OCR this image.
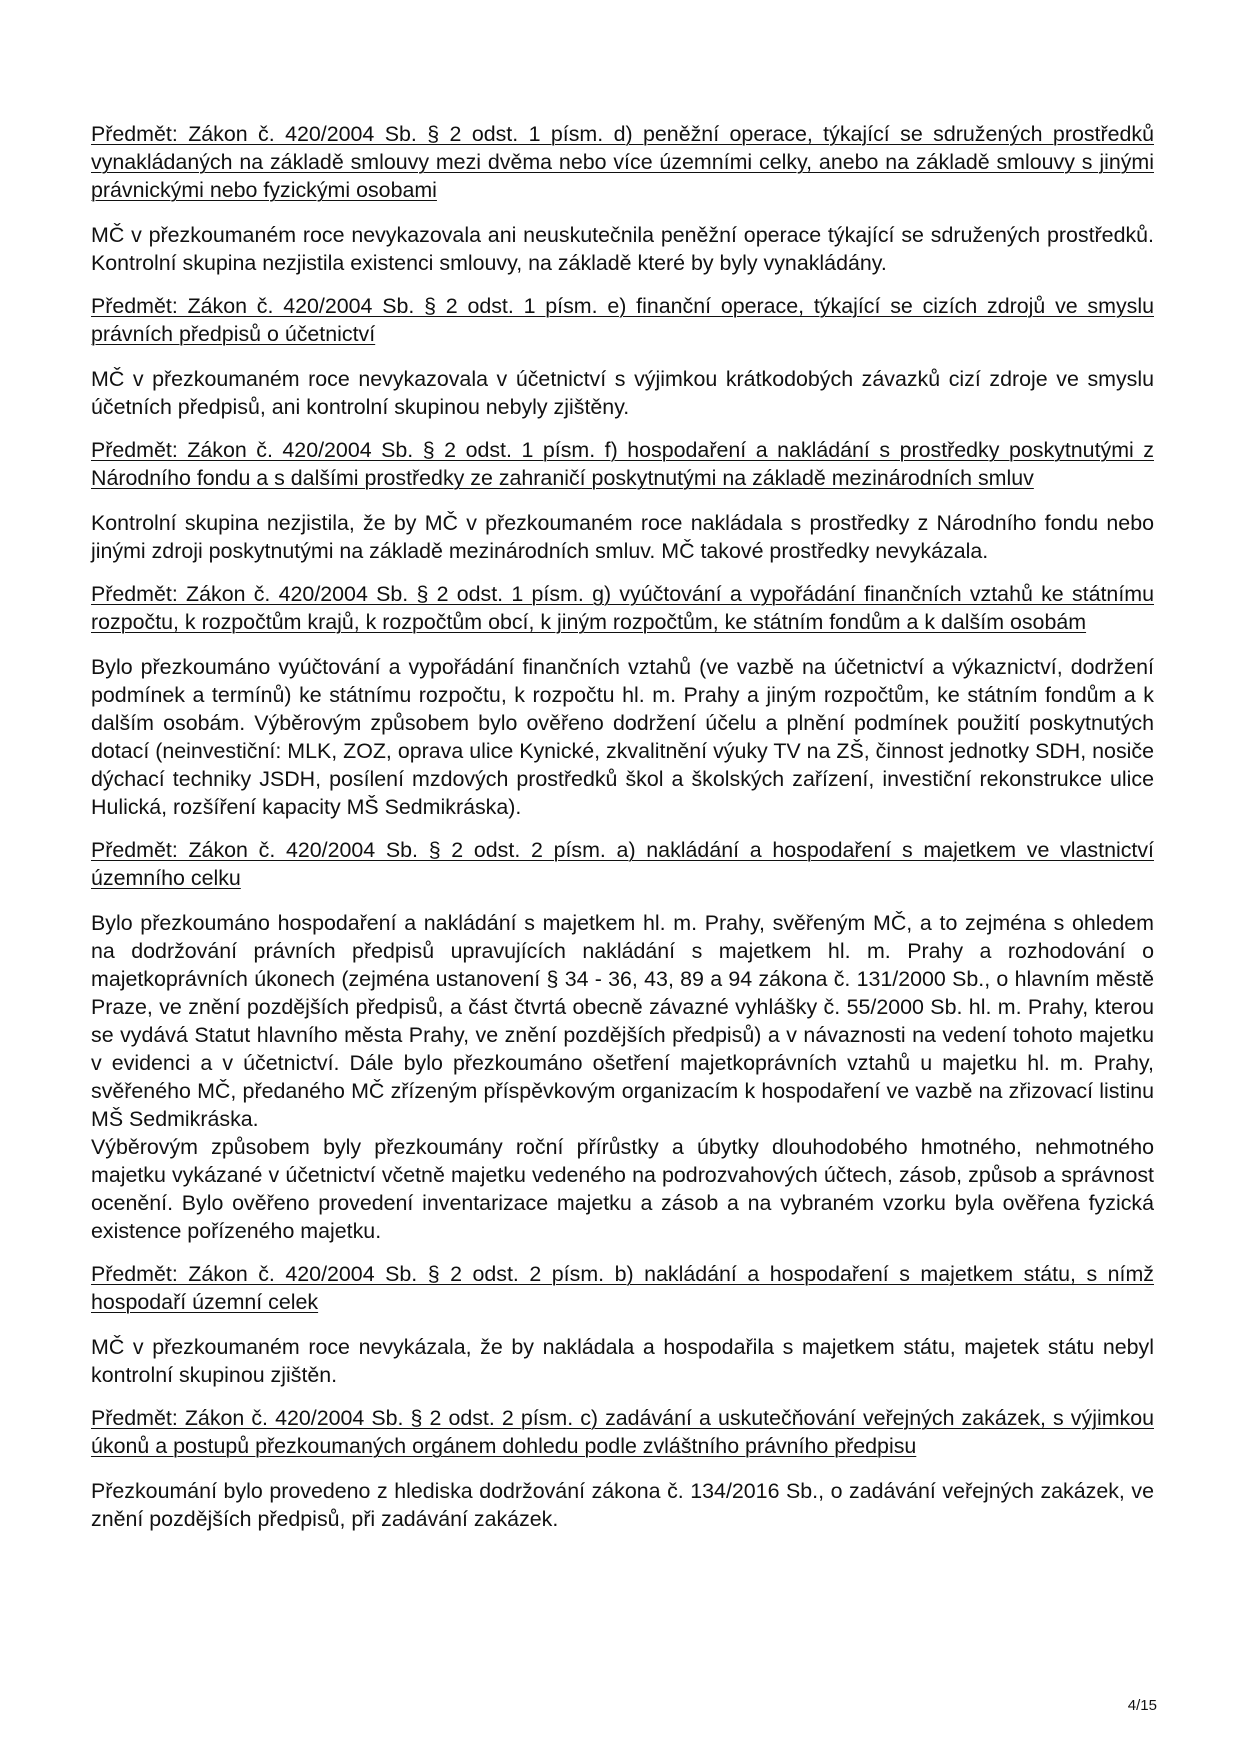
Předmět: Zákon č. 420/2004 Sb. § 2 odst. 1 písm. d) peněžní operace, týkající se sdružených prostředků vynakládaných na základě smlouvy mezi dvěma nebo více územními celky, anebo na základě smlouvy s jinými právnickými nebo fyzickými osobami

MČ v přezkoumaném roce nevykazovala ani neuskutečnila peněžní operace týkající se sdružených prostředků. Kontrolní skupina nezjistila existenci smlouvy, na základě které by byly vynakládány.

Předmět: Zákon č. 420/2004 Sb. § 2 odst. 1 písm. e) finanční operace, týkající se cizích zdrojů ve smyslu právních předpisů o účetnictví

MČ v přezkoumaném roce nevykazovala v účetnictví s výjimkou krátkodobých závazků cizí zdroje ve smyslu účetních předpisů, ani kontrolní skupinou nebyly zjištěny.

Předmět: Zákon č. 420/2004 Sb. § 2 odst. 1 písm. f) hospodaření a nakládání s prostředky poskytnutými z Národního fondu a s dalšími prostředky ze zahraničí poskytnutými na základě mezinárodních smluv

Kontrolní skupina nezjistila, že by MČ v přezkoumaném roce nakládala s prostředky z Národního fondu nebo jinými zdroji poskytnutými na základě mezinárodních smluv. MČ takové prostředky nevykázala.

Předmět: Zákon č. 420/2004 Sb. § 2 odst. 1 písm. g) vyúčtování a vypořádání finančních vztahů ke státnímu rozpočtu, k rozpočtům krajů, k rozpočtům obcí, k jiným rozpočtům, ke státním fondům a k dalším osobám

Bylo přezkoumáno vyúčtování a vypořádání finančních vztahů (ve vazbě na účetnictví a výkaznictví, dodržení podmínek a termínů) ke státnímu rozpočtu, k rozpočtu hl. m. Prahy a jiným rozpočtům, ke státním fondům a k dalším osobám. Výběrovým způsobem bylo ověřeno dodržení účelu a plnění podmínek použití poskytnutých dotací (neinvestiční: MLK, ZOZ, oprava ulice Kynické, zkvalitnění výuky TV na ZŠ, činnost jednotky SDH, nosiče dýchací techniky JSDH, posílení mzdových prostředků škol a školských zařízení, investiční rekonstrukce ulice Hulická, rozšíření kapacity MŠ Sedmikráska).

Předmět: Zákon č. 420/2004 Sb. § 2 odst. 2 písm. a) nakládání a hospodaření s majetkem ve vlastnictví územního celku

Bylo přezkoumáno hospodaření a nakládání s majetkem hl. m. Prahy, svěřeným MČ, a to zejména s ohledem na dodržování právních předpisů upravujících nakládání s majetkem hl. m. Prahy a rozhodování o majetkoprávních úkonech (zejména ustanovení § 34 - 36, 43, 89 a 94 zákona č. 131/2000 Sb., o hlavním městě Praze, ve znění pozdějších předpisů, a část čtvrtá obecně závazné vyhlášky č. 55/2000 Sb. hl. m. Prahy, kterou se vydává Statut hlavního města Prahy, ve znění pozdějších předpisů) a v návaznosti na vedení tohoto majetku v evidenci a v účetnictví. Dále bylo přezkoumáno ošetření majetkoprávních vztahů u majetku hl. m. Prahy, svěřeného MČ, předaného MČ zřízeným příspěvkovým organizacím k hospodaření ve vazbě na zřizovací listinu MŠ Sedmikráska.

Výběrovým způsobem byly přezkoumány roční přírůstky a úbytky dlouhodobého hmotného, nehmotného majetku vykázané v účetnictví včetně majetku vedeného na podrozvahových účtech, zásob, způsob a správnost ocenění. Bylo ověřeno provedení inventarizace majetku a zásob a na vybraném vzorku byla ověřena fyzická existence pořízeného majetku.

Předmět: Zákon č. 420/2004 Sb. § 2 odst. 2 písm. b) nakládání a hospodaření s majetkem státu, s nímž hospodaří územní celek

MČ v přezkoumaném roce nevykázala, že by nakládala a hospodařila s majetkem státu, majetek státu nebyl kontrolní skupinou zjištěn.

Předmět: Zákon č. 420/2004 Sb. § 2 odst. 2 písm. c) zadávání a uskutečňování veřejných zakázek, s výjimkou úkonů a postupů přezkoumaných orgánem dohledu podle zvláštního právního předpisu

Přezkoumání bylo provedeno z hlediska dodržování zákona č. 134/2016 Sb., o zadávání veřejných zakázek, ve znění pozdějších předpisů, při zadávání zakázek.

4/15
